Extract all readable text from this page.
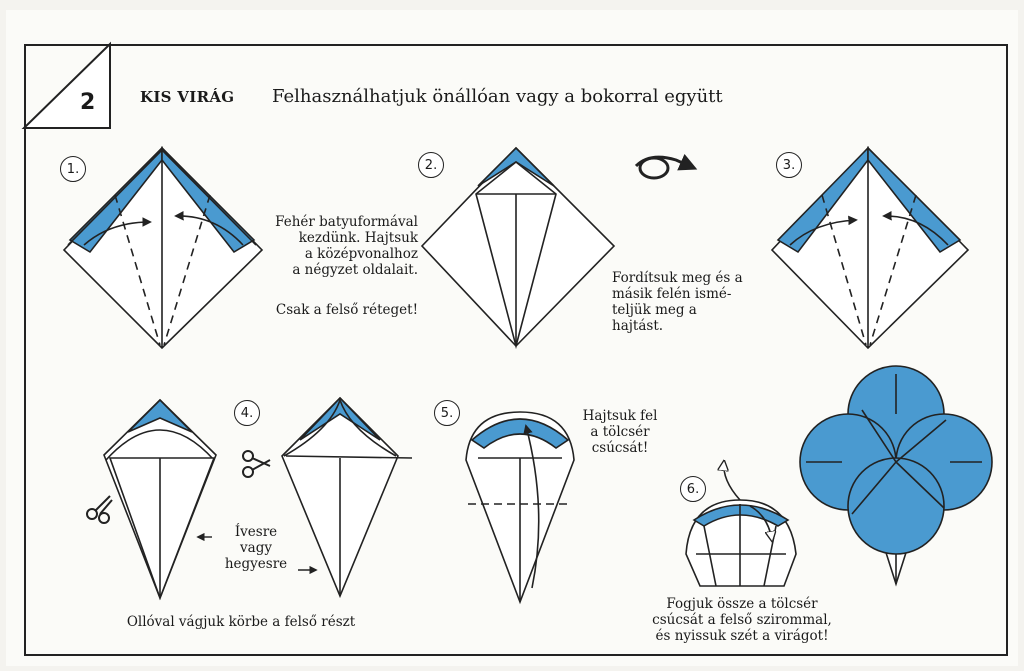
2	KIS VIRÁG Felhasználhatjuk önállóan vagy a bokorral együtt
1.	2.	3.
4.	5.
6.
Fehér batyuformával
kezdünk. Hajtsuk
a középvonalhoz
a négyzet oldalait.
Csak a felső réteget!
Fordítsuk meg és a
másik felén ismé-
teljük meg a
hajtást.
Ollóval vágjuk körbe a felső részt
Ívesre
vagy
hegyesre
Hajtsuk fel
a tölcsér
csúcsát!
Fogjuk össze a tölcsér
csúcsát a felső szirommal,
és nyissuk szét a virágot!
